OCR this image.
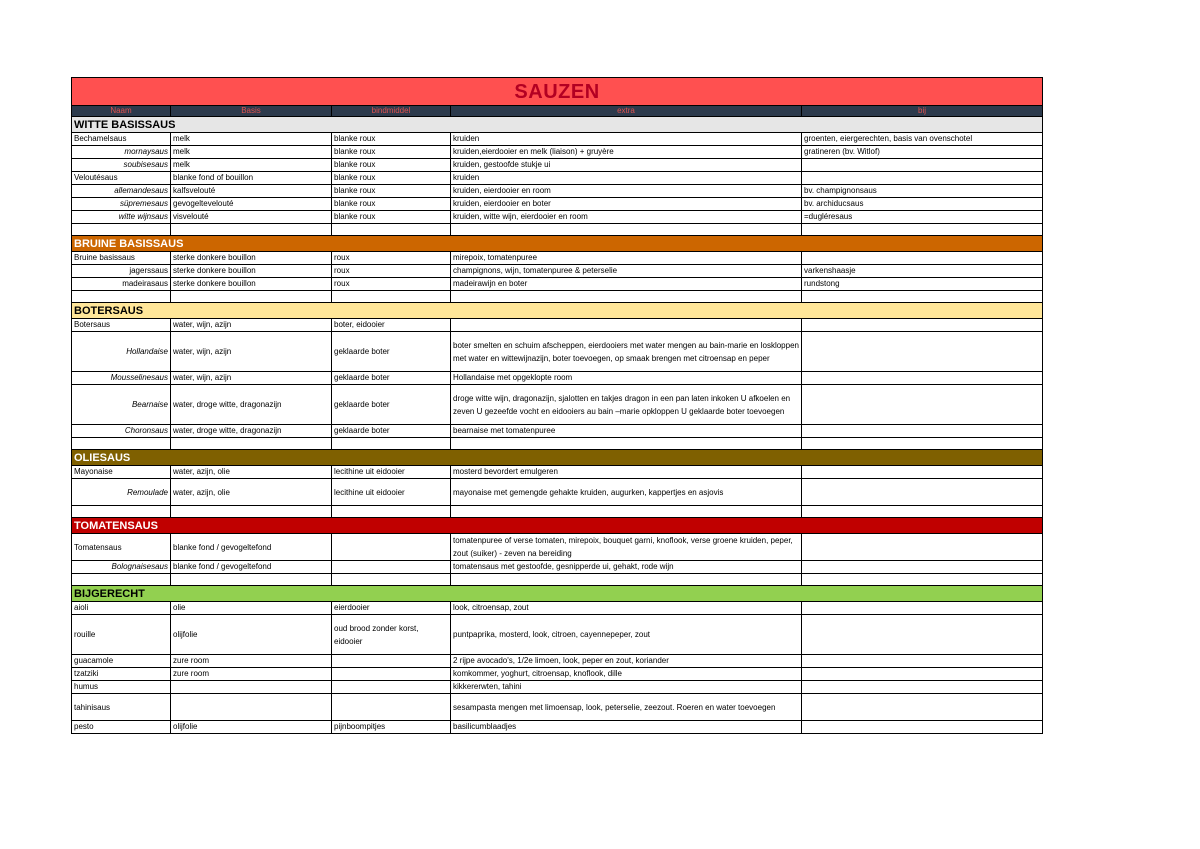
SAUZEN				
Naam	Basis	bindmiddel	extra	bij
WITTE BASISSAUS				
Bechamelsaus	melk	blanke roux	kruiden	groenten, eiergerechten, basis van ovenschotel
mornaysaus	melk	blanke roux	kruiden,eierdooier en melk (liaison) + gruyère	gratineren (bv. Witlof)
soubisesaus	melk	blanke roux	kruiden, gestoofde stukje ui	
Veloutésaus	blanke fond of bouillon	blanke roux	kruiden	
allemandesaus	kalfsvelouté	blanke roux	kruiden, eierdooier en room	bv. champignonsaus
süpremesaus	gevogeltevelouté	blanke roux	kruiden, eierdooier en boter	bv. archiducsaus
witte wijnsaus	visvelouté	blanke roux	kruiden, witte wijn, eierdooier en room	=dugléresaus

BRUINE BASISSAUS				
Bruine basissaus	sterke donkere bouillon	roux	mirepoix, tomatenpuree	
jagerssaus	sterke donkere bouillon	roux	champignons, wijn, tomatenpuree & peterselie	varkenshaasje
madeirasaus	sterke donkere bouillon	roux	madeirawijn en boter	rundstong

BOTERSAUS				
Botersaus	water, wijn, azijn	boter, eidooier		
Hollandaise	water, wijn, azijn	geklaarde boter	boter smelten en schuim afscheppen, eierdooiers met water mengen au bain-marie en loskloppen met water en wittewijnazijn, boter toevoegen, op smaak brengen met citroensap en peper	
Mousselinesaus	water, wijn, azijn	geklaarde boter	Hollandaise met opgeklopte room	
Bearnaise	water, droge witte, dragonazijn	geklaarde boter	droge witte wijn, dragonazijn, sjalotten en takjes dragon in een pan laten inkoken U afkoelen en zeven U gezeefde vocht en eidooiers au bain –marie opkloppen U geklaarde boter toevoegen	
Choronsaus	water, droge witte, dragonazijn	geklaarde boter	bearnaise met tomatenpuree	

OLIESAUS				
Mayonaise	water, azijn, olie	lecithine uit eidooier	mosterd bevordert emulgeren	
Remoulade	water, azijn, olie	lecithine uit eidooier	mayonaise met gemengde gehakte kruiden, augurken, kappertjes en asjovis	

TOMATENSAUS				
Tomatensaus	blanke fond / gevogeltefond		tomatenpuree of verse tomaten, mirepoix, bouquet garni, knoflook, verse groene kruiden, peper, zout (suiker) - zeven na bereiding	
Bolognaisesaus	blanke fond / gevogeltefond		tomatensaus met gestoofde, gesnipperde ui, gehakt, rode wijn	

BIJGERECHT				
aioli	olie	eierdooier	look, citroensap, zout	
rouille	olijfolie	oud brood zonder korst, eidooier	puntpaprika, mosterd, look, citroen, cayennepeper, zout	
guacamole	zure room		2 rijpe avocado's, 1/2e limoen, look, peper en zout, koriander	
tzatziki	zure room		komkommer, yoghurt, citroensap, knoflook, dille	
humus			kikkererwten, tahini	
tahinisaus			sesampasta mengen met limoensap, look, peterselie, zeezout. Roeren en water toevoegen	
pesto	olijfolie	pijnboompitjes	basilicumblaadjes	
